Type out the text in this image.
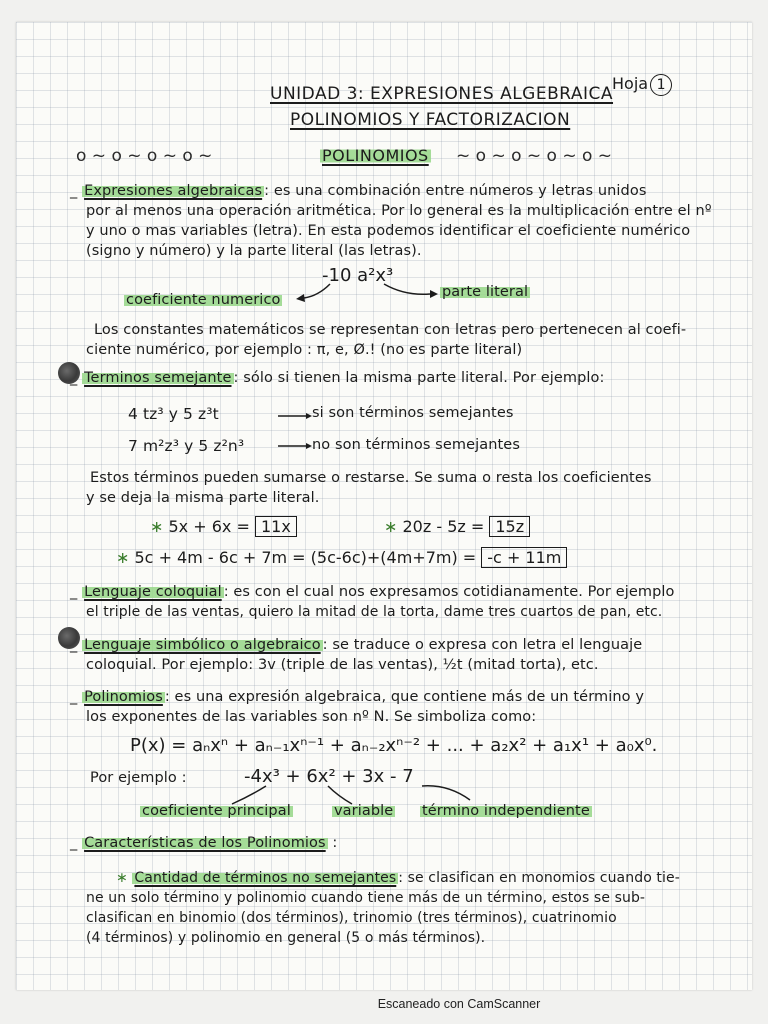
UNIDAD 3: EXPRESIONES ALGEBRAICA
POLINOMIOS Y FACTORIZACION
Hoja 1
o ~ o ~ o ~ o ~	POLINOMIOS ~ o ~ o ~ o ~ o ~
_ Expresiones algebraicas : es una combinación entre números y letras unidos
por al menos una operación aritmética. Por lo general es la multiplicación entre el nº
y uno o mas variables (letra). En esta podemos identificar el coeficiente numérico
(signo y número) y la parte literal (las letras).
-10 a²x³
coeficiente numerico	parte literal
Los constantes matemáticos se representan con letras pero pertenecen al coefi-
ciente numérico, por ejemplo : π, e, Ø.! (no es parte literal)
_ Terminos semejante : sólo si tienen la misma parte literal. Por ejemplo:
4 tz³ y 5 z³t	si son términos semejantes
7 m²z³ y 5 z²n³	no son términos semejantes
Estos términos pueden sumarse o restarse. Se suma o resta los coeficientes
y se deja la misma parte literal.
∗ 5x + 6x = 11x	∗ 20z - 5z = 15z
∗ 5c + 4m - 6c + 7m = (5c-6c)+(4m+7m) = -c + 11m
_ Lenguaje coloquial : es con el cual nos expresamos cotidianamente. Por ejemplo
el triple de las ventas, quiero la mitad de la torta, dame tres cuartos de pan, etc.
_ Lenguaje simbólico o algebraico : se traduce o expresa con letra el lenguaje
coloquial. Por ejemplo: 3v (triple de las ventas), ½t (mitad torta), etc.
_ Polinomios : es una expresión algebraica, que contiene más de un término y
los exponentes de las variables son nº N. Se simboliza como:
P(x) = aₙxⁿ + aₙ₋₁xⁿ⁻¹ + aₙ₋₂xⁿ⁻² + ... + a₂x² + a₁x¹ + a₀x⁰.
Por ejemplo :	-4x³ + 6x² + 3x - 7
coeficiente principal	variable término independiente
_ Características de los Polinomios :
∗ Cantidad de términos no semejantes : se clasifican en monomios cuando tie-
ne un solo término y polinomio cuando tiene más de un término, estos se sub-
clasifican en binomio (dos términos), trinomio (tres términos), cuatrinomio
(4 términos) y polinomio en general (5 o más términos).
Escaneado con CamScanner
